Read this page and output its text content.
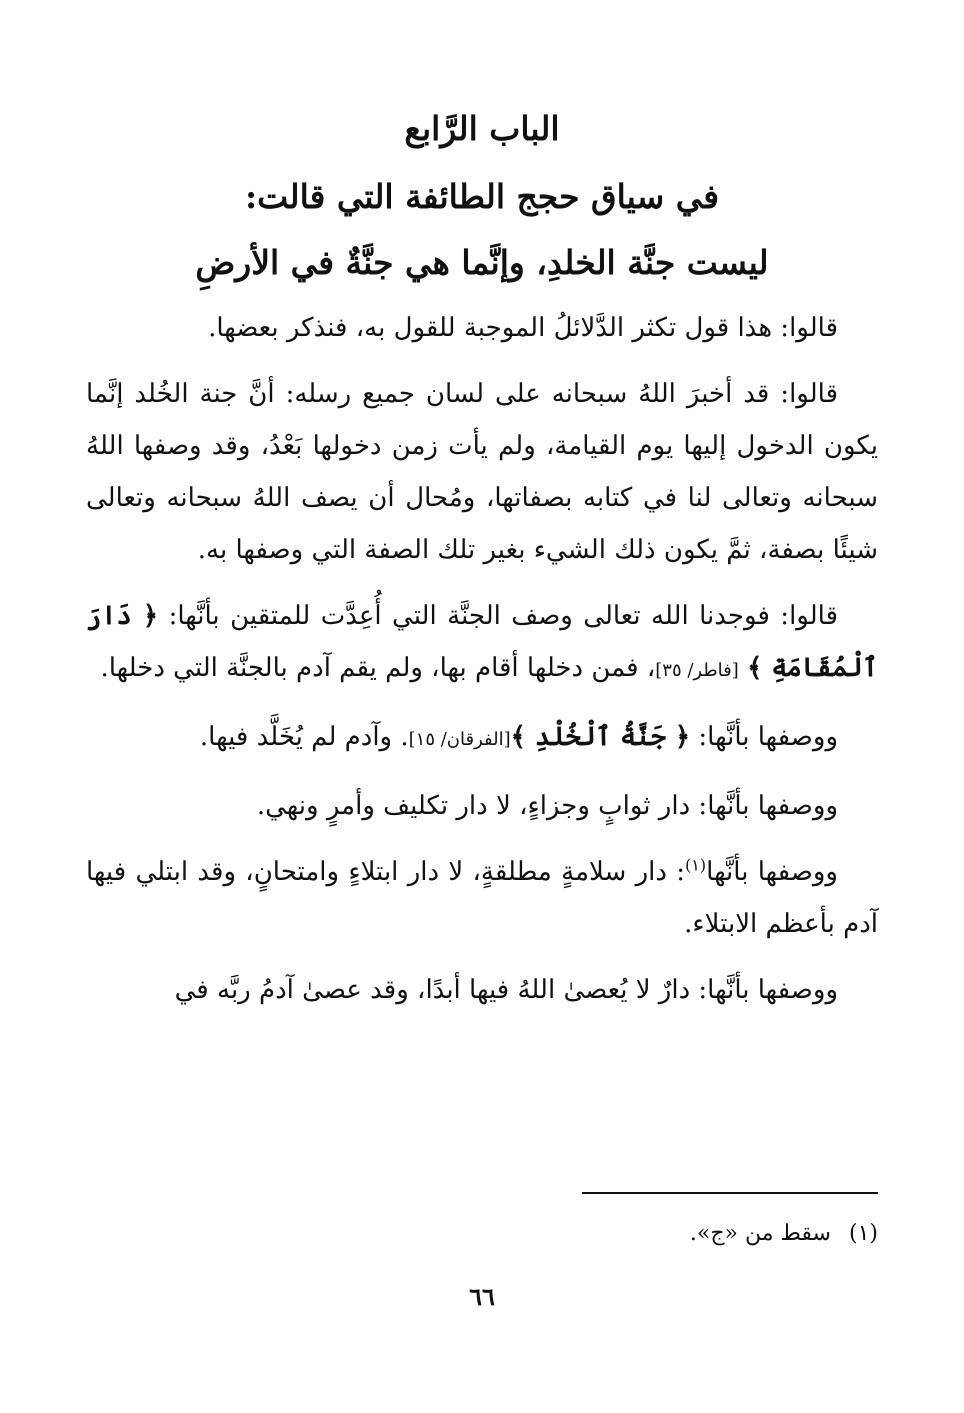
الباب الرَّابع

في سياق حجج الطائفة التي قالت:

ليست جنَّة الخلدِ، وإنَّما هي جنَّةٌ في الأرضِ

قالوا: هذا قول تكثر الدَّلائلُ الموجبة للقول به، فنذكر بعضها.

قالوا: قد أخبرَ اللهُ سبحانه على لسان جميع رسله: أنَّ جنة الخُلد إنَّما يكون الدخول إليها يوم القيامة، ولم يأت زمن دخولها بَعْدُ، وقد وصفها اللهُ سبحانه وتعالى لنا في كتابه بصفاتها، ومُحال أن يصف اللهُ سبحانه وتعالى شيئًا بصفة، ثمَّ يكون ذلك الشيء بغير تلك الصفة التي وصفها به.

قالوا: فوجدنا الله تعالى وصف الجنَّة التي أُعِدَّت للمتقين بأنَّها: ﴿ دَارَ ٱلْمُقَامَةِ ﴾ [فاطر/ ٣٥]، فمن دخلها أقام بها، ولم يقم آدم بالجنَّة التي دخلها.

ووصفها بأنَّها: ﴿ جَنَّةُ ٱلْخُلْدِ ﴾[الفرقان/ ١٥]. وآدم لم يُخَلَّد فيها.

ووصفها بأنَّها: دار ثوابٍ وجزاءٍ، لا دار تكليف وأمرٍ ونهي.

ووصفها بأنَّها$^{(١)}$: دار سلامةٍ مطلقةٍ، لا دار ابتلاءٍ وامتحانٍ، وقد ابتلي فيها آدم بأعظم الابتلاء.

ووصفها بأنَّها: دارٌ لا يُعصىٰ اللهُ فيها أبدًا، وقد عصىٰ آدمُ ربَّه في

(١)سقط من «ج».
٦٦
